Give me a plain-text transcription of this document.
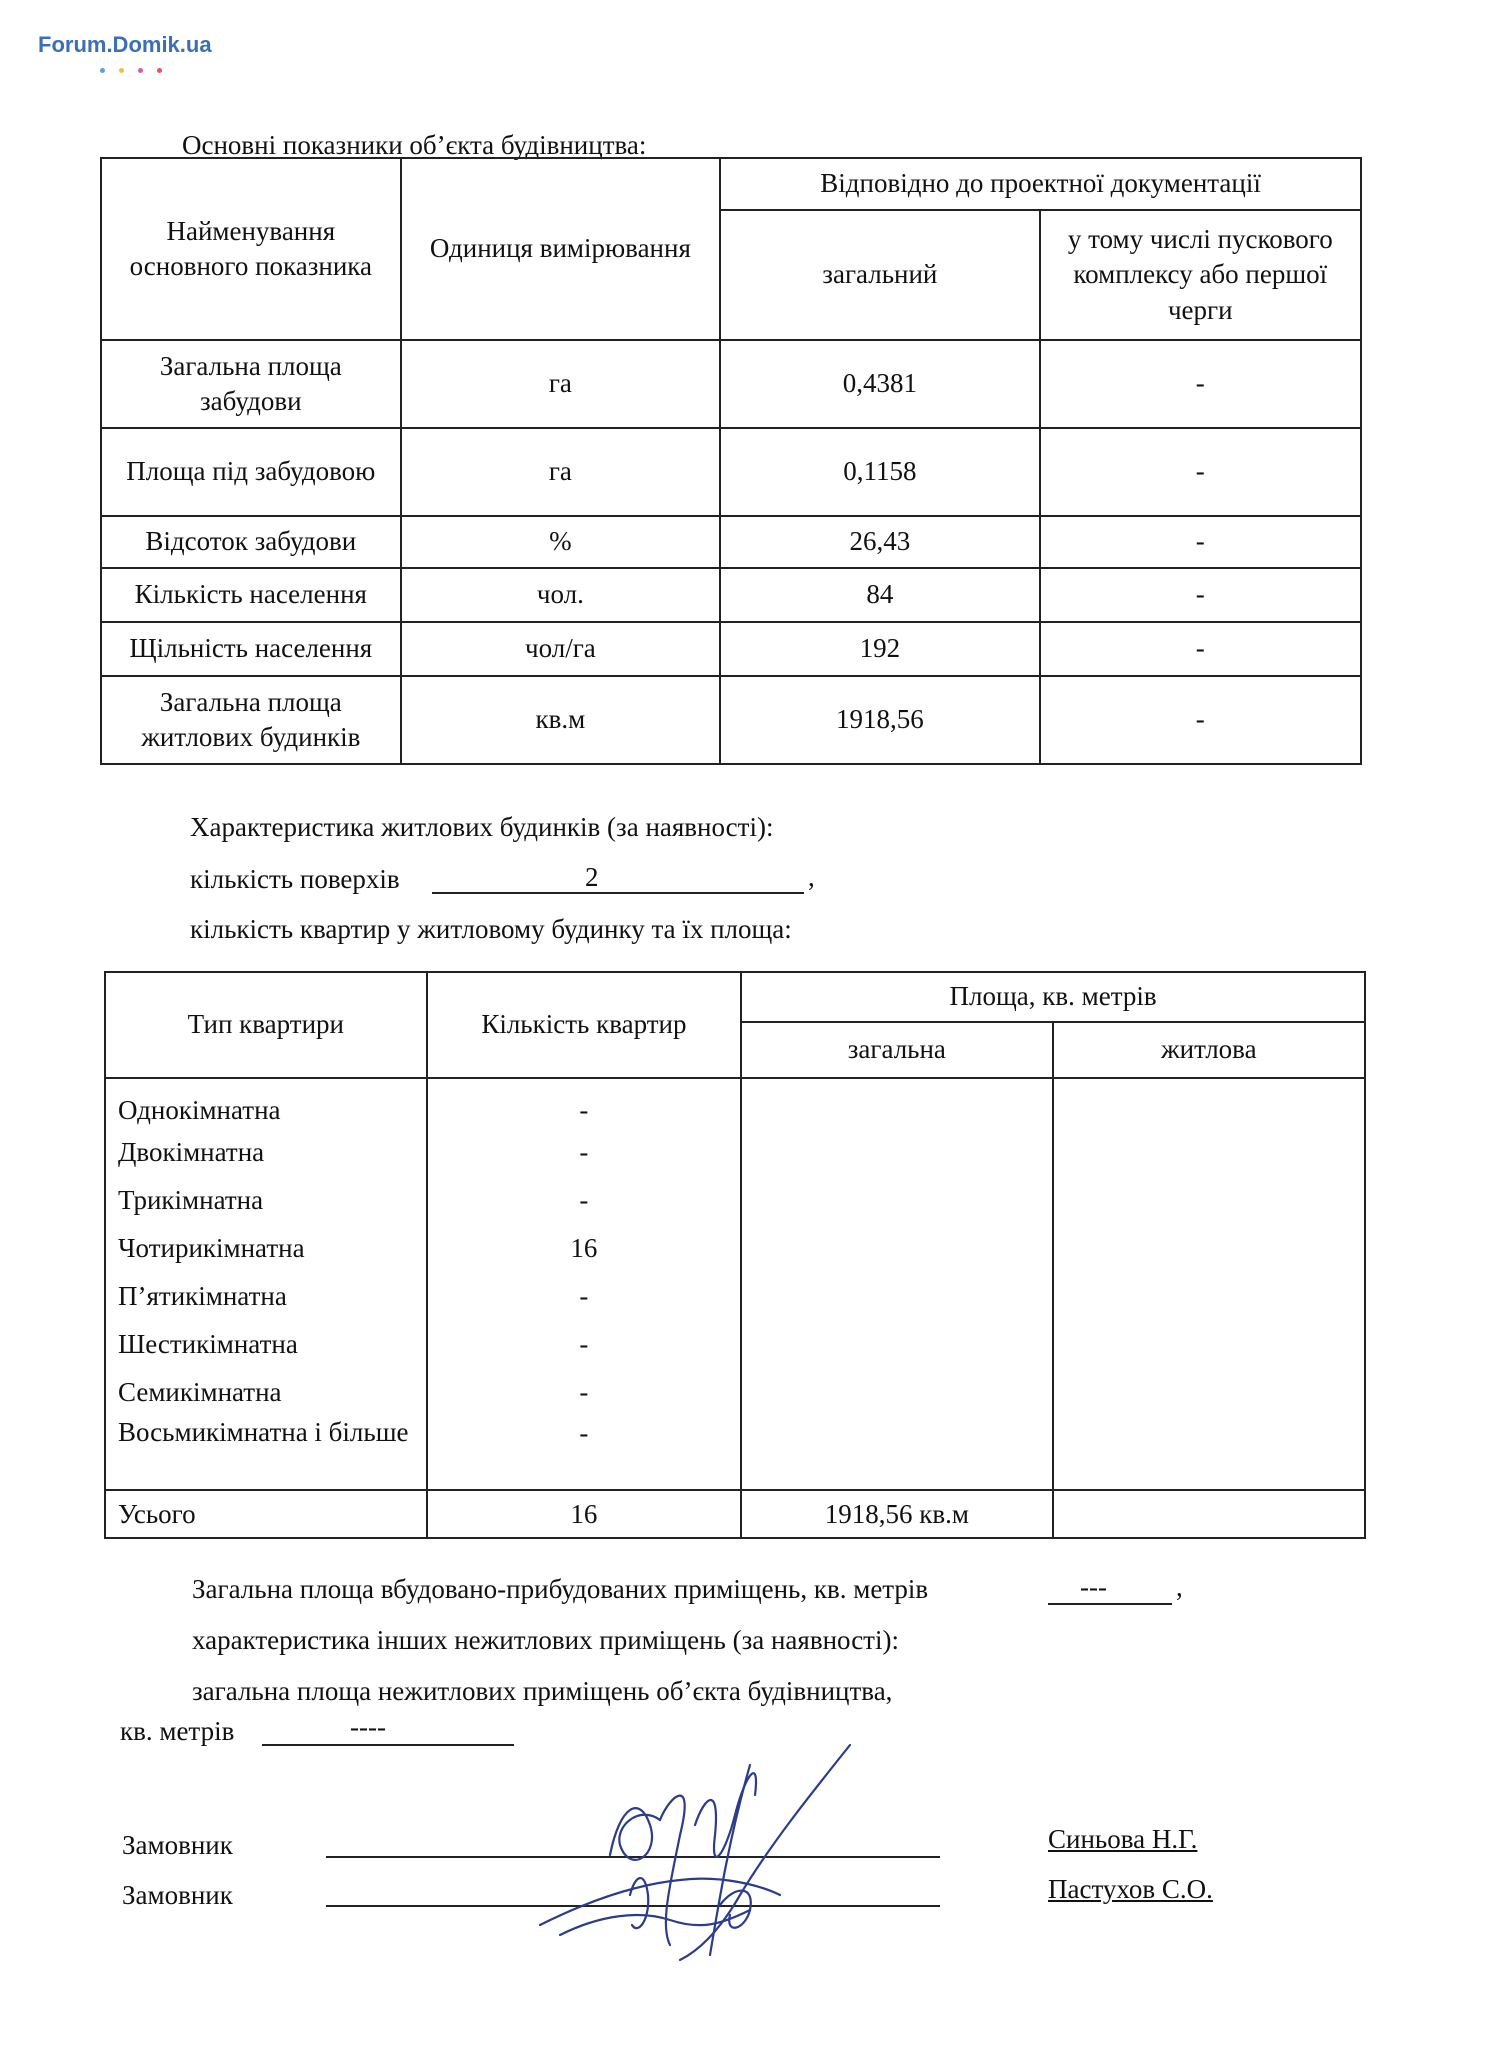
Forum.Domik.ua
Основні показники об’єкта будівництва:
Найменування основного показника	Одиниця вимірювання	Відповідно до проектної документації	
		загальний	у тому числі пускового комплексу або першої черги
Загальна площа забудови	га	0,4381	-
Площа під забудовою	га	0,1158	-
Відсоток забудови	%	26,43	-
Кількість населення	чол.	84	-
Щільність населення	чол/га	192	-
Загальна площа житлових будинків	кв.м	1918,56	-
Характеристика житлових будинків (за наявності):
кількість поверхів	2	,
кількість квартир у житловому будинку та їх площа:
Тип квартири	Кількість квартир	Площа, кв. метрів	
		загальна	житлова
Однокімнатна	-		
Двокімнатна	-		
Трикімнатна	-		
Чотирикімнатна	16		
П’ятикімнатна	-		
Шестикімнатна	-		
Семикімнатна	-		
Восьмикімнатна і більше	-		
Усього	16	1918,56 кв.м	
Загальна площа вбудовано-прибудованих приміщень, кв. метрів	---	,
характеристика інших нежитлових приміщень (за наявності):
загальна площа нежитлових приміщень об’єкта будівництва,
кв. метрів	----
Замовник	Синьова Н.Г.
Замовник	Пастухов С.О.
